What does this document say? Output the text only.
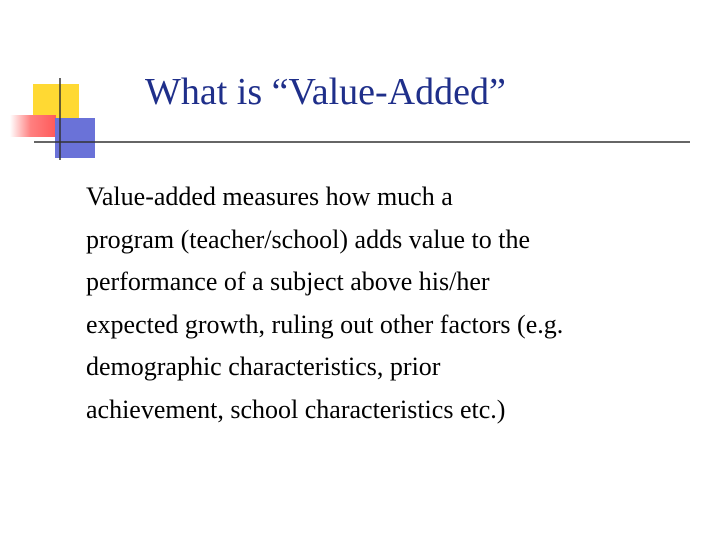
What is “Value-Added”
Value-added measures how much a
program (teacher/school) adds value to the
performance of a subject above his/her
expected growth, ruling out other factors (e.g.
demographic characteristics, prior
achievement, school characteristics etc.)
